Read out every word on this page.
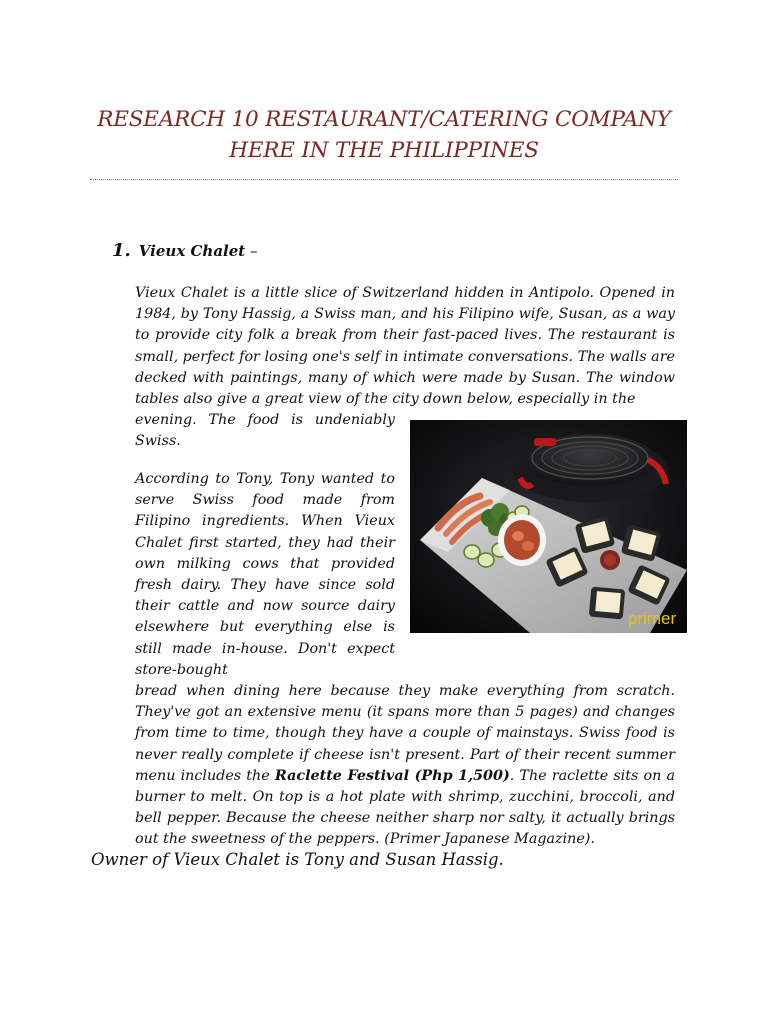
RESEARCH 10 RESTAURANT/CATERING COMPANY
HERE IN THE PHILIPPINES
1. Vieux Chalet –

Vieux Chalet is a little slice of Switzerland hidden in Antipolo. Opened in 1984, by Tony Hassig, a Swiss man, and his Filipino wife, Susan, as a way to provide city folk a break from their fast-paced lives. The restaurant is small, perfect for losing one's self in intimate conversations. The walls are decked with paintings, many of which were made by Susan. The window tables also give a great view of the city down below, especially in the
evening. The food is undeniably Swiss.

primer

According to Tony, Tony wanted to serve Swiss food made from Filipino ingredients. When Vieux Chalet first started, they had their own milking cows that provided fresh dairy. They have since sold their cattle and now source dairy elsewhere but everything else is still made in-house. Don't expect store-bought
bread when dining here because they make everything from scratch. They've got an extensive menu (it spans more than 5 pages) and changes from time to time, though they have a couple of mainstays. Swiss food is never really complete if cheese isn't present. Part of their recent summer menu includes the Raclette Festival (Php 1,500). The raclette sits on a burner to melt. On top is a hot plate with shrimp, zucchini, broccoli, and bell pepper. Because the cheese neither sharp nor salty, it actually brings out the sweetness of the peppers. (Primer Japanese Magazine).

Owner of Vieux Chalet is Tony and Susan Hassig.
